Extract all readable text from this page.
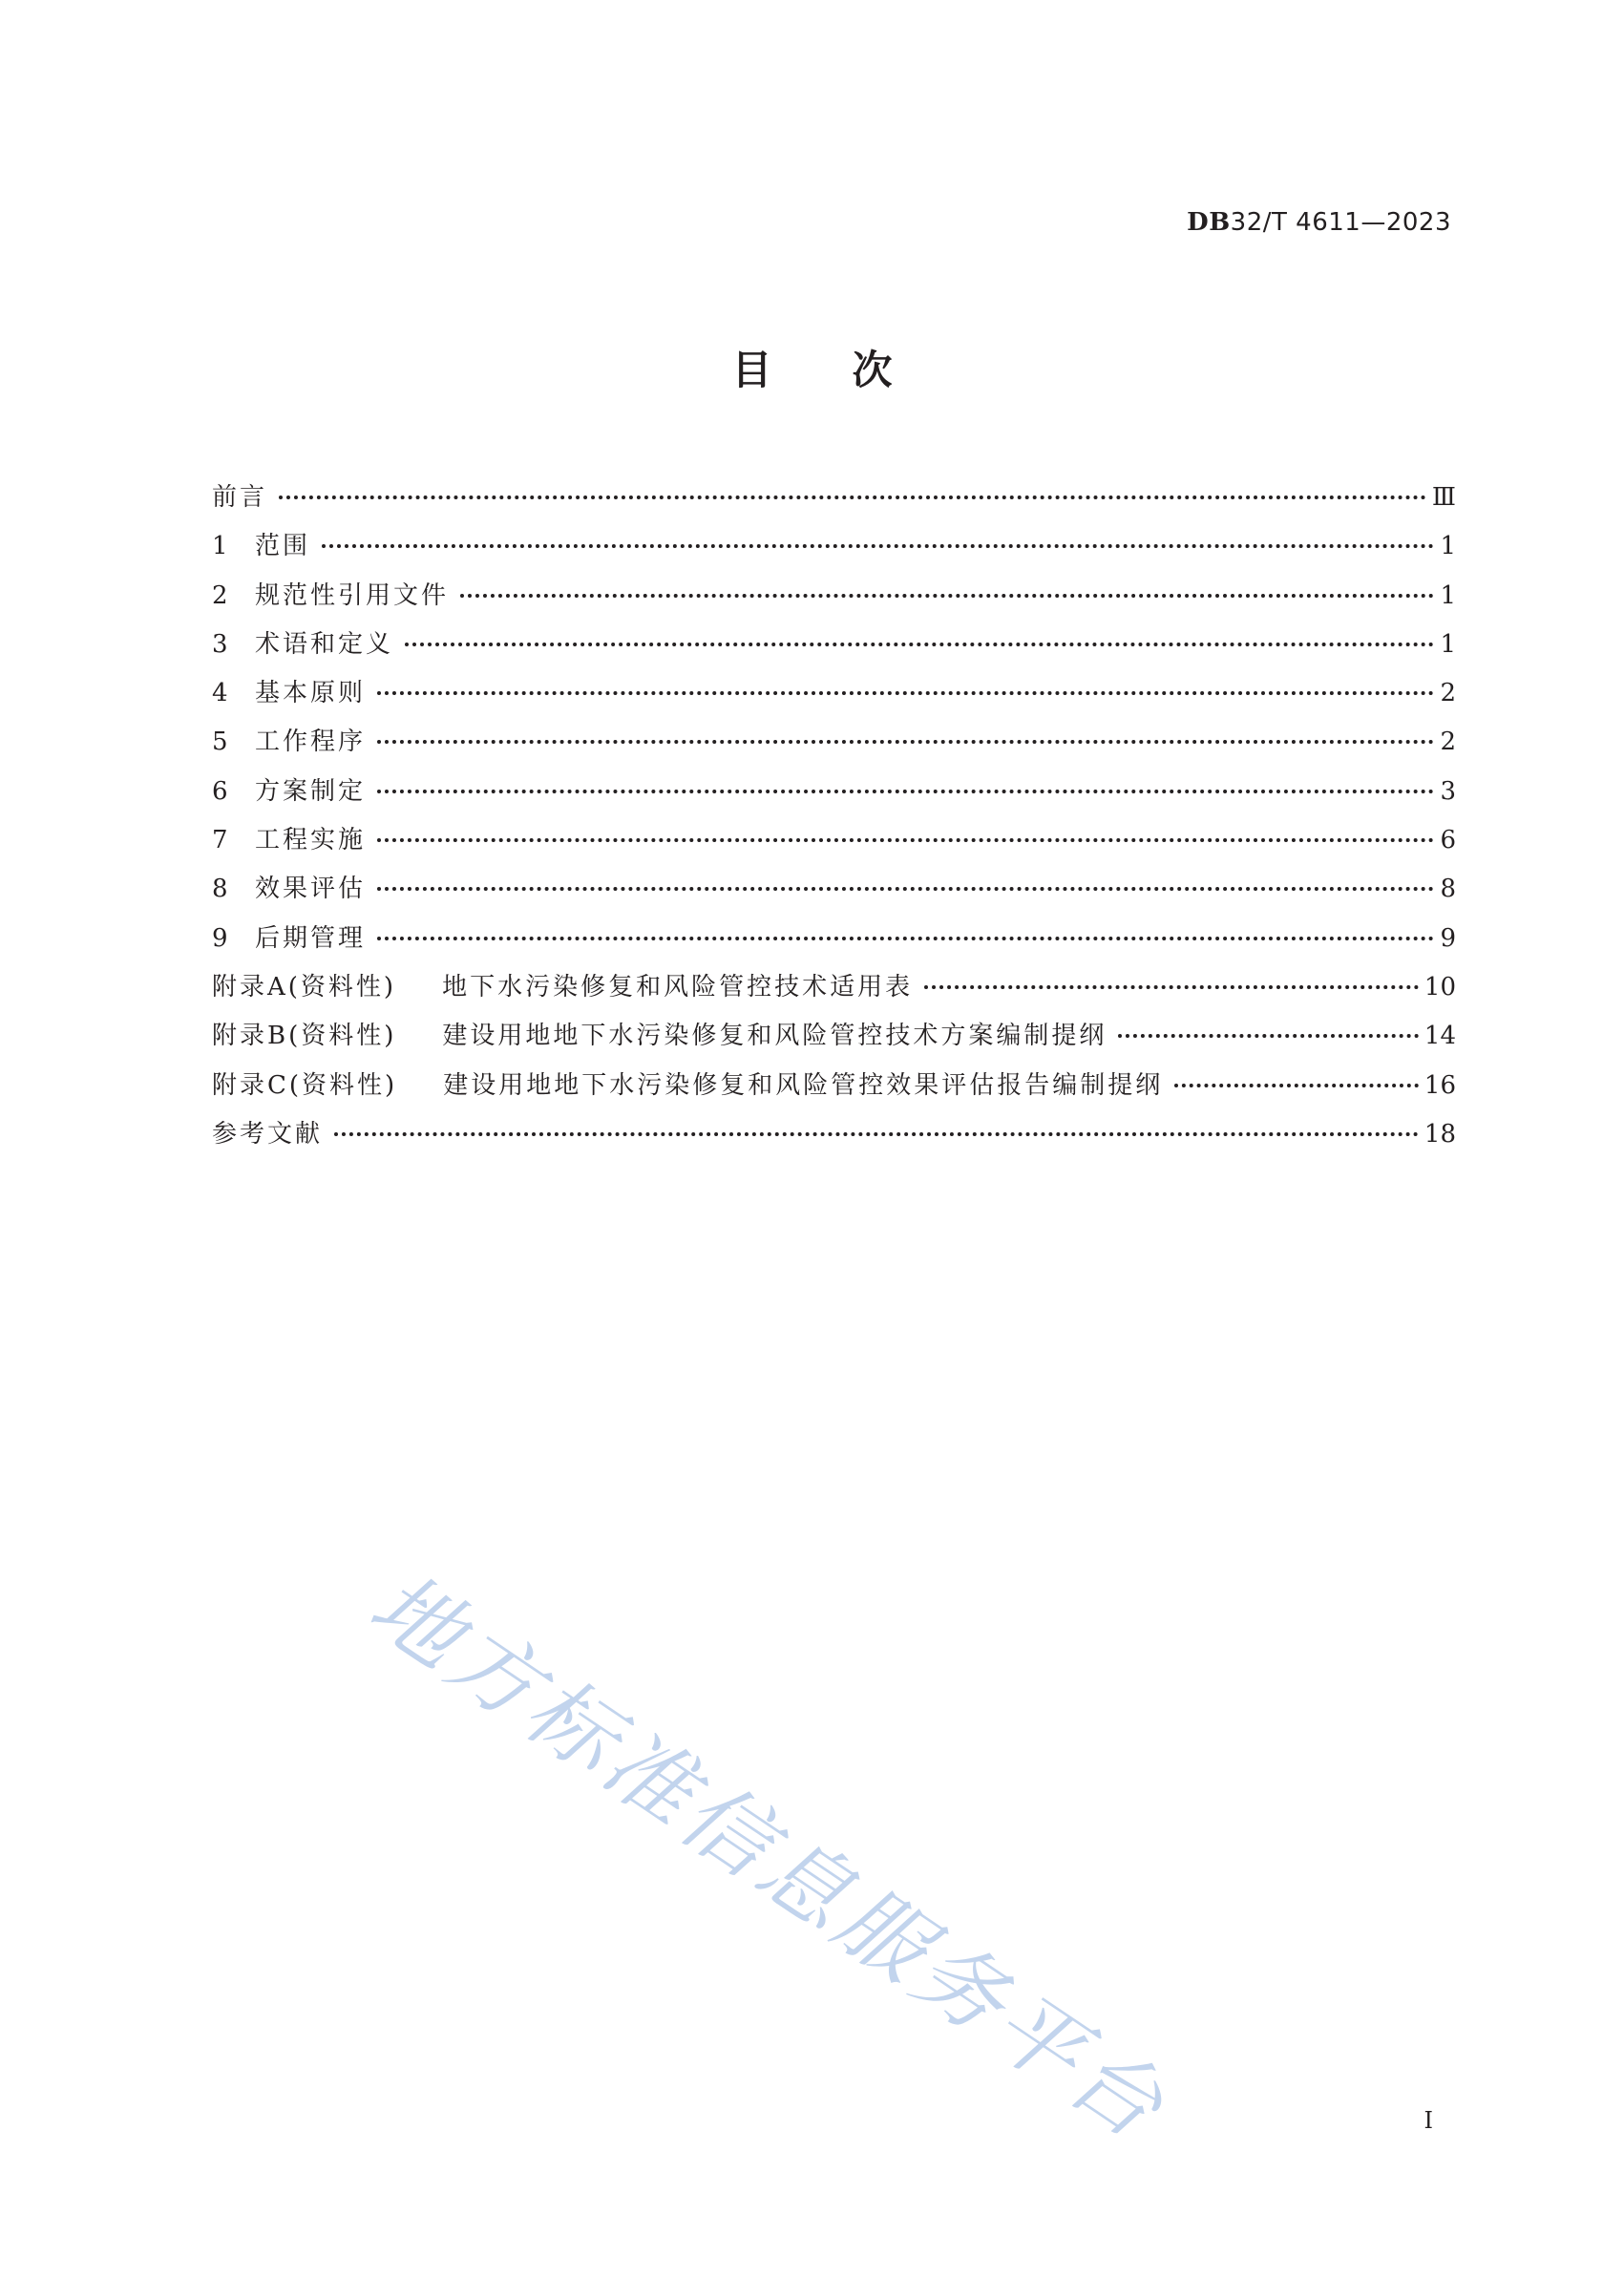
DB32/T 4611—2023
目次
前言	Ⅲ
1	范围	1
2	规范性引用文件	1
3	术语和定义	1
4	基本原则	2
5	工作程序	2
6	方案制定	3
7	工程实施	6
8	效果评估	8
9	后期管理	9
附录A(资料性) 地下水污染修复和风险管控技术适用表	10
附录B(资料性) 建设用地地下水污染修复和风险管控技术方案编制提纲	14
附录C(资料性) 建设用地地下水污染修复和风险管控效果评估报告编制提纲	16
参考文献	18
地方标准信息服务平台	I
